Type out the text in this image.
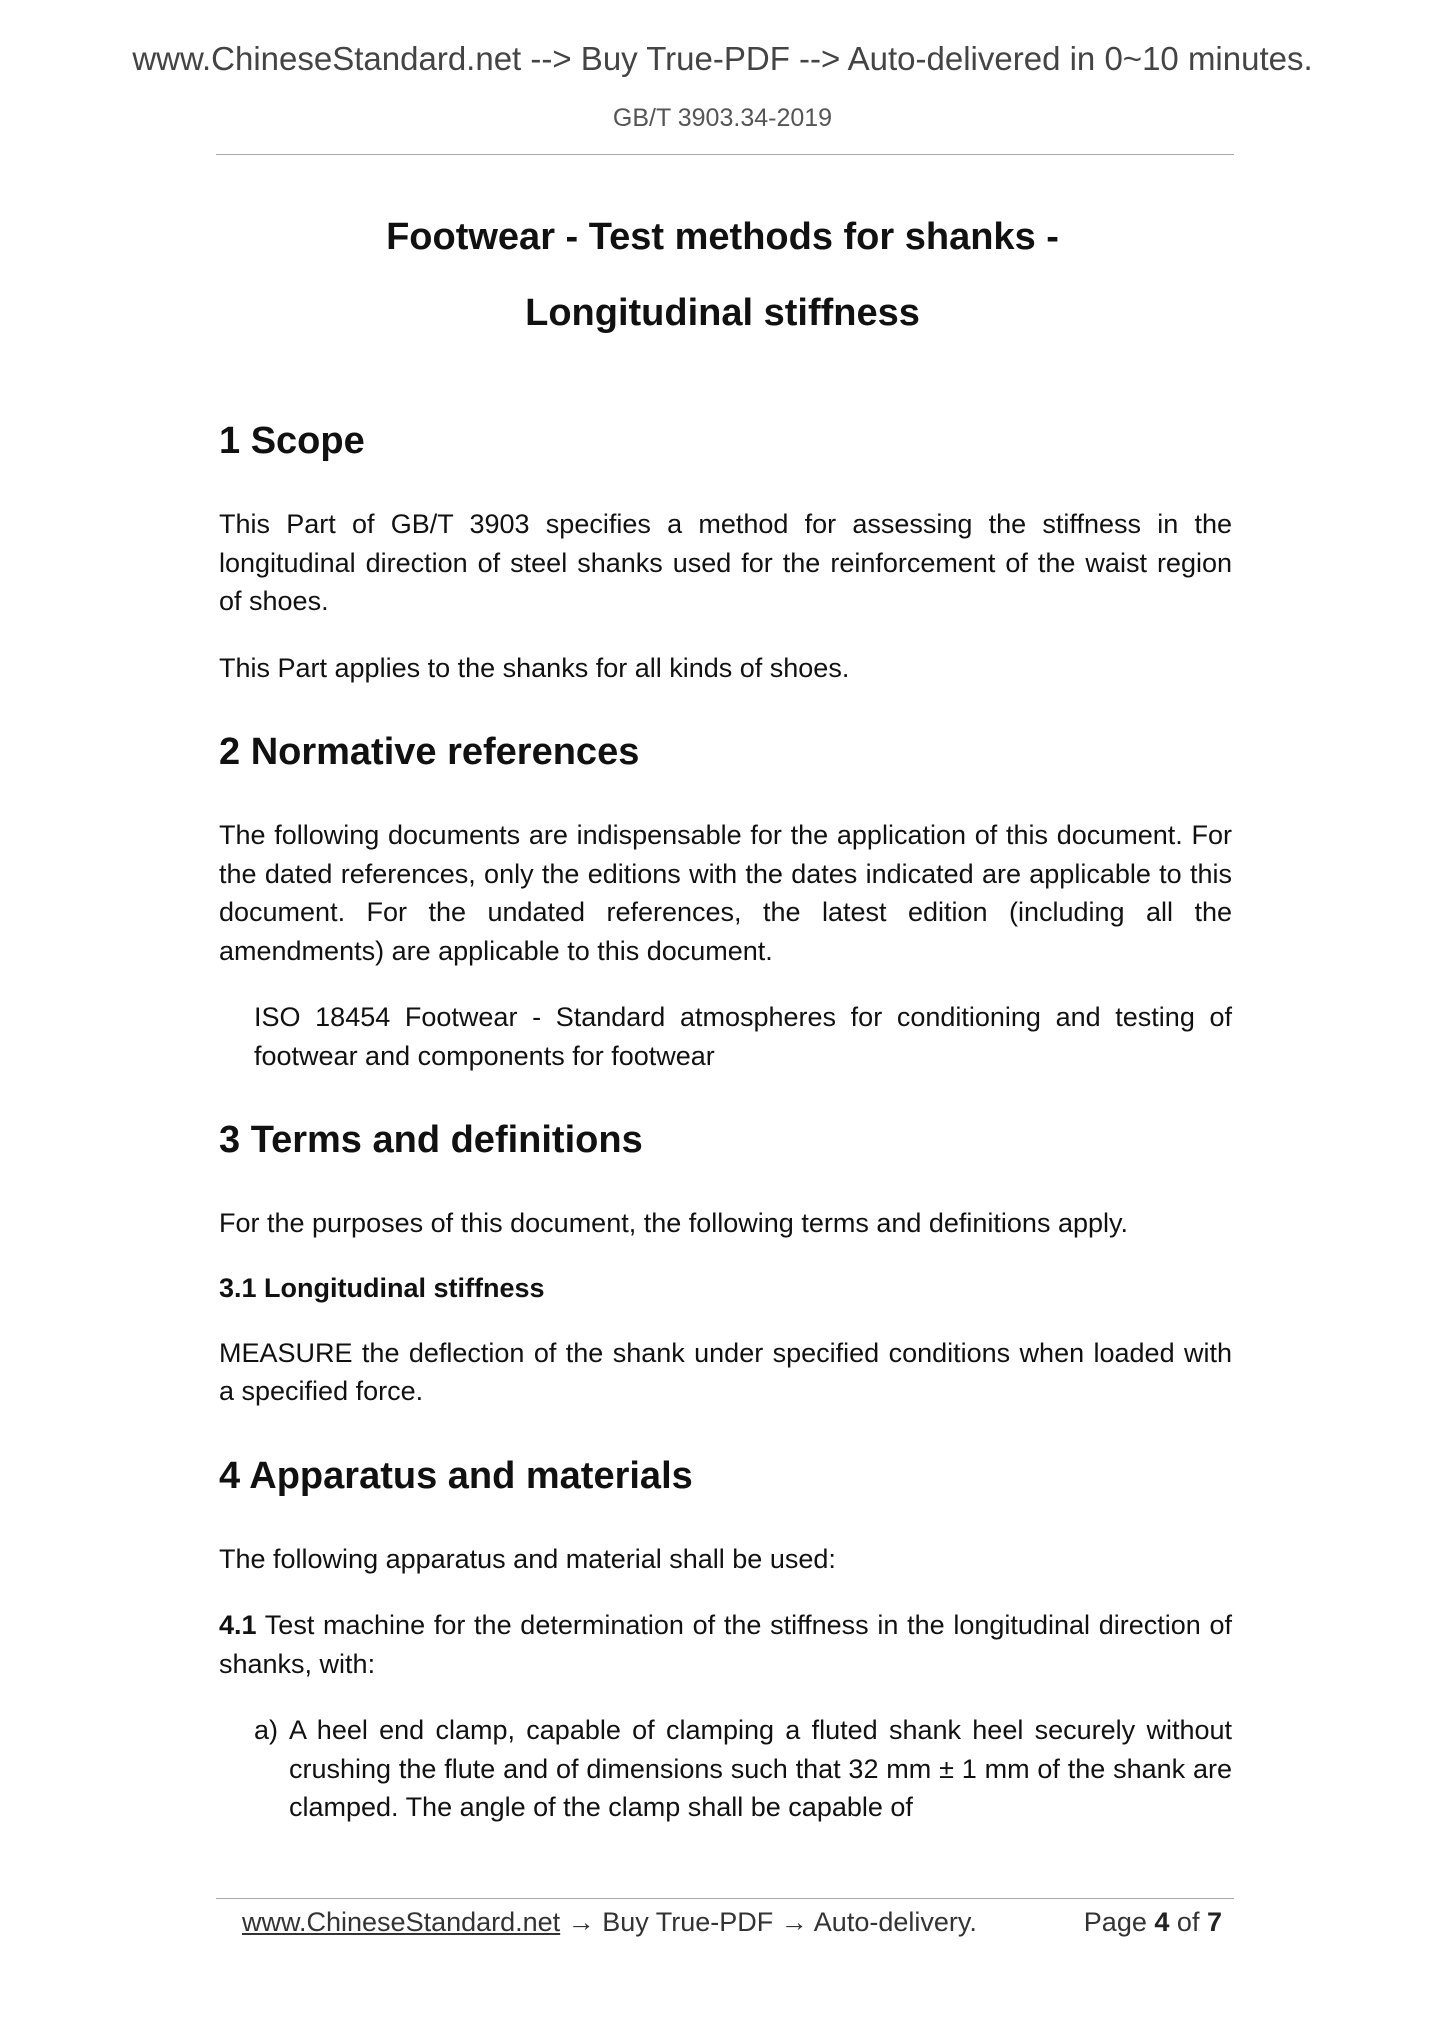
www.ChineseStandard.net --> Buy True-PDF --> Auto-delivered in 0~10 minutes.
GB/T 3903.34-2019
Footwear - Test methods for shanks -
Longitudinal stiffness
1 Scope

This Part of GB/T 3903 specifies a method for assessing the stiffness in the longitudinal direction of steel shanks used for the reinforcement of the waist region of shoes.

This Part applies to the shanks for all kinds of shoes.

2 Normative references

The following documents are indispensable for the application of this document. For the dated references, only the editions with the dates indicated are applicable to this document. For the undated references, the latest edition (including all the amendments) are applicable to this document.

ISO 18454 Footwear - Standard atmospheres for conditioning and testing of footwear and components for footwear

3 Terms and definitions

For the purposes of this document, the following terms and definitions apply.

3.1 Longitudinal stiffness

MEASURE the deflection of the shank under specified conditions when loaded with a specified force.

4 Apparatus and materials

The following apparatus and material shall be used:

4.1 Test machine for the determination of the stiffness in the longitudinal direction of shanks, with:

a) A heel end clamp, capable of clamping a fluted shank heel securely without crushing the flute and of dimensions such that 32 mm ± 1 mm of the shank are clamped. The angle of the clamp shall be capable of
www.ChineseStandard.net → Buy True-PDF → Auto-delivery.	Page 4 of 7
